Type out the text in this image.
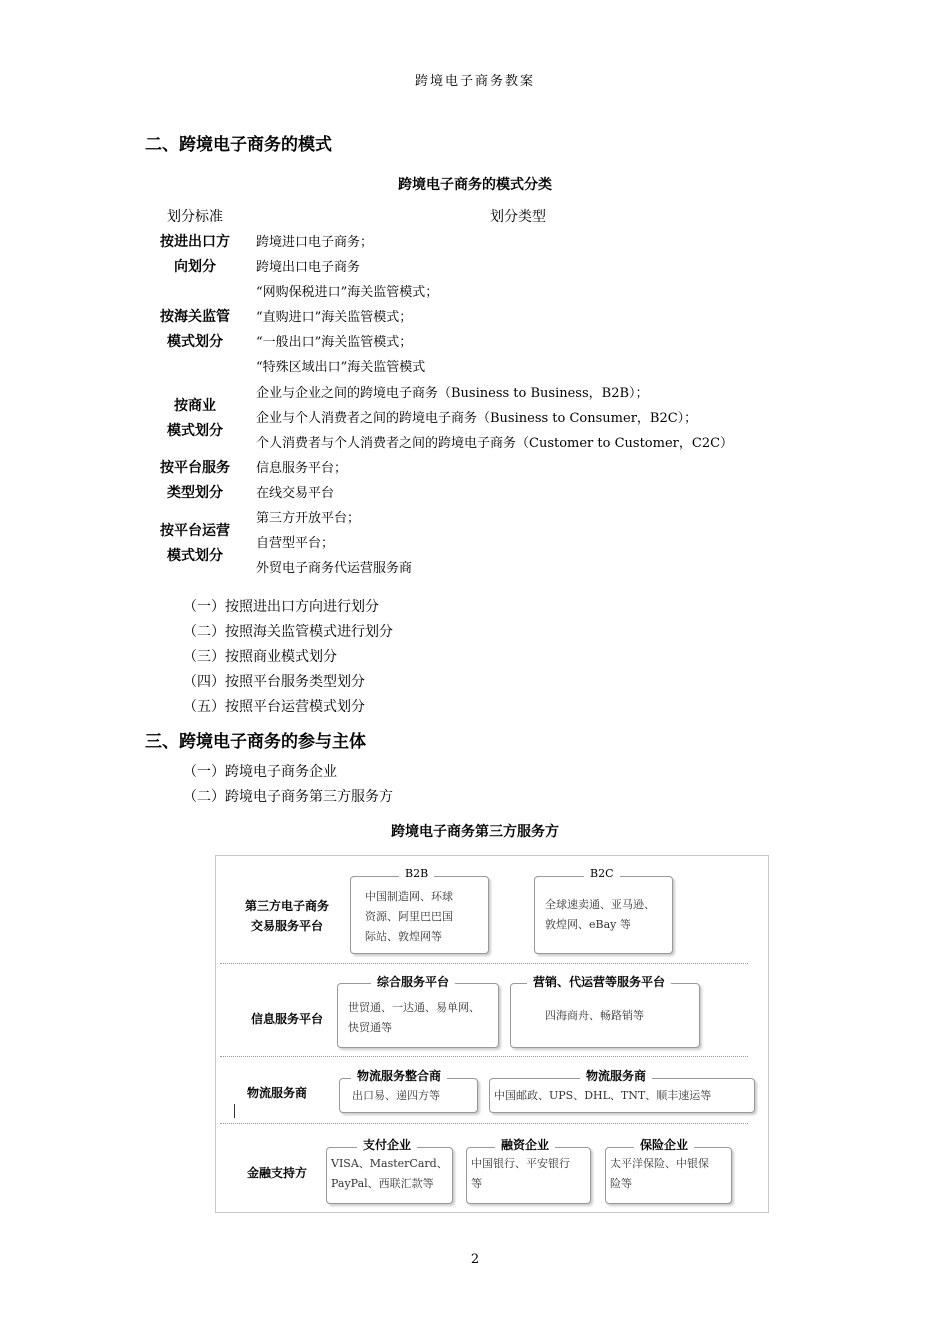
跨境电子商务教案
二、跨境电子商务的模式
跨境电子商务的模式分类
划分标准	划分类型
按进出口方
向划分
跨境进口电子商务；
跨境出口电子商务
按海关监管
模式划分
“网购保税进口”海关监管模式；
“直购进口”海关监管模式；
“一般出口”海关监管模式；
“特殊区域出口”海关监管模式
按商业
模式划分
企业与企业之间的跨境电子商务（Business to Business，B2B）；
企业与个人消费者之间的跨境电子商务（Business to Consumer，B2C）；
个人消费者与个人消费者之间的跨境电子商务（Customer to Customer，C2C）
按平台服务
类型划分
信息服务平台；
在线交易平台
按平台运营
模式划分
第三方开放平台；
自营型平台；
外贸电子商务代运营服务商
（一）按照进出口方向进行划分
（二）按照海关监管模式进行划分
（三）按照商业模式划分
（四）按照平台服务类型划分
（五）按照平台运营模式划分
三、跨境电子商务的参与主体
（一）跨境电子商务企业
（二）跨境电子商务第三方服务方
跨境电子商务第三方服务方
第三方电子商务
交易服务平台
中国制造网、环球
资源、阿里巴巴国
际站、敦煌网等
B2B
全球速卖通、亚马逊、
敦煌网、eBay 等
B2C
信息服务平台
世贸通、一达通、易单网、
快贸通等
综合服务平台
四海商舟、畅路销等
营销、代运营等服务平台
物流服务商	出口易、递四方等
物流服务整合商
中国邮政、UPS、DHL、TNT、顺丰速运等
物流服务商
金融支持方
VISA、MasterCard、
PayPal、西联汇款等
支付企业
中国银行、平安银行
等
融资企业
太平洋保险、中银保
险等
保险企业
2
